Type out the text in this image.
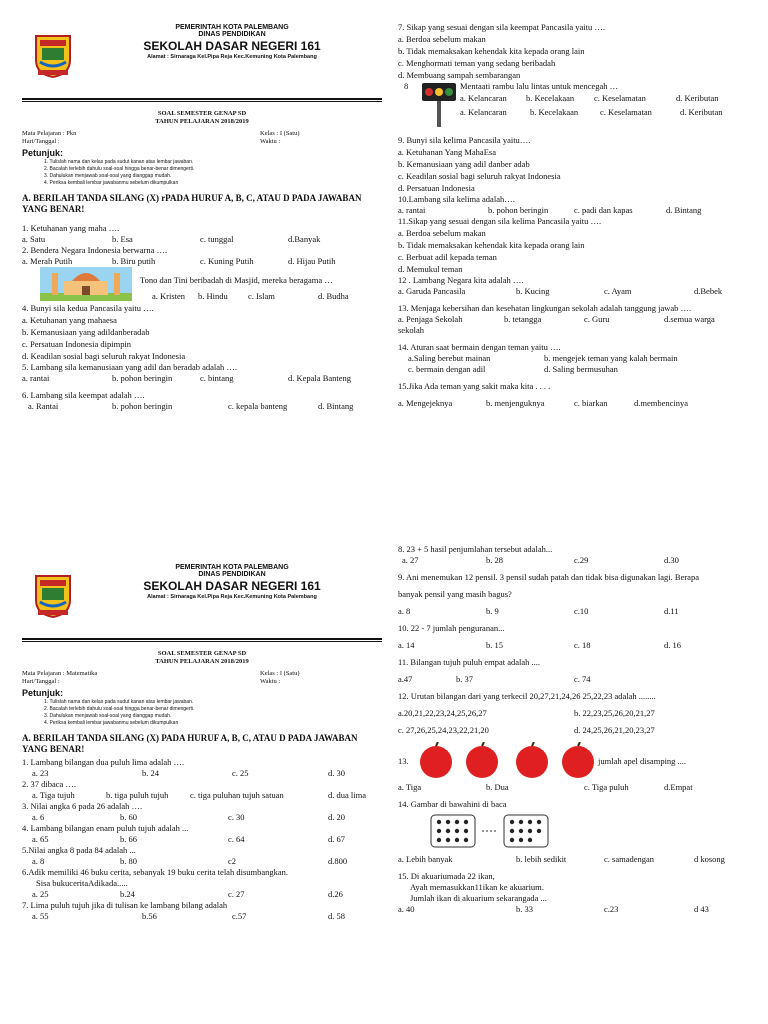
PEMERINTAH KOTA PALEMBANG
DINAS PENDIDIKAN
SEKOLAH DASAR NEGERI 161
Alamat : Sirnaraga Kel.Pipa Reja Kec.Kemuning Kota Palembang
SOAL SEMESTER GENAP SD
TAHUN PELAJARAN 2018/2019
Mata Pelajaran : Pkn
Hari/Tanggal :
Kelas : I (Satu)
Waktu :
Petunjuk:
1. Tulislah nama dan kelas pada sudut kanan atas lembar jawaban.
2. Bacalah terlebih dahulu soal-soal hingga benar-benar dimengerti.
3. Dahulukan menjawab soal-soal yang dianggap mudah.
4. Periksa kembali lembar jawabanmu sebelum dikumpulkan
A. BERILAH TANDA SILANG (X) rPADA HURUF A, B, C, ATAU D PADA JAWABAN YANG BENAR!
1. Ketuhanan yang maha ….
a. Satu	b. Esa	c. tunggal	d.Banyak
2. Bendera Negara Indonesia berwarna ….
a. Merah Putih	b. Biru putih	c. Kuning Putih	d. Hijau Putih
Tono dan Tini beribadah di Masjid, mereka beragama …
a. Kristen b. Hindu c. Islam	d. Budha
4. Bunyi sila kedua Pancasila yaitu ….
a. Ketuhanan yang mahaesa
b. Kemanusiaan yang adildanberadab
c. Persatuan Indonesia dipimpin
d. Keadilan sosial bagi seluruh rakyat Indonesia
5. Lambang sila kemanusiaan yang adil dan beradab adalah ….
a. rantai	b. pohon beringin	c. bintang	d. Kepala Banteng
6. Lambang sila keempat adalah ….
a. Rantai	b. pohon beringin	c. kepala banteng	d. Bintang
7. Sikap yang sesuai dengan sila keempat Pancasila yaitu ….
a. Berdoa sebelum makan
b. Tidak memaksakan kehendak kita kepada orang lain
c. Menghormati teman yang sedang beribadah
d. Membuang sampah sembarangan
8	Mentaati rambu lalu lintas untuk mencegah …
a. Kelancaran b. Kecelakaan c. Keselamatan	d. Keributan
a. Kelancaran	b. Kecelakaan	c. Keselamatan	d. Keributan
9. Bunyi sila kelima Pancasila yaitu….
a. Ketuhanan Yang MahaEsa
b. Kemanusiaan yang adil danber adab
c. Keadilan sosial bagi seluruh rakyat Indonesia
d. Persatuan Indonesia
10.Lambang sila kelima adalah….
a. rantai	b. pohon beringin	c. padi dan kapas	d. Bintang
11.Sikap yang sesuai dengan sila kelima Pancasila yaitu ….
a. Berdoa sebelum makan
b. Tidak memaksakan kehendak kita kepada orang lain
c. Berbuat adil kepada teman
d. Memukul teman
12 . Lambang Negara kita adalah ….
a. Garuda Pancasila	b. Kucing	c. Ayam	d.Bebek
13. Menjaga kebersihan dan kesehatan lingkungan sekolah adalah tanggung jawab ….
a. Penjaga Sekolah	b. tetangga	c. Guru	d.semua warga
sekolah
14. Aturan saat bermain dengan teman yaitu ….
a.Saling berebut mainan	b. mengejek teman yang kalah bermain
c. bermain dengan adil	d. Saling bermusuhan
15.Jika Ada teman yang sakit maka kita . . . .
a. Mengejeknya	b. menjenguknya	c. biarkan	d.membencinya
PEMERINTAH KOTA PALEMBANG
DINAS PENDIDIKAN
SEKOLAH DASAR NEGERI 161
Alamat : Sirnaraga Kel.Pipa Reja Kec.Kemuning Kota Palembang
SOAL SEMESTER GENAP SD
TAHUN PELAJARAN 2018/2019
Mata Pelajaran : Matematika
Hari/Tanggal :
Kelas : I (Satu)
Waktu :
Petunjuk:
1. Tulislah nama dan kelas pada sudut kanan atas lembar jawaban.
2. Bacalah terlebih dahulu soal-soal hingga benar-benar dimengerti.
3. Dahulukan menjawab soal-soal yang dianggap mudah.
4. Periksa kembali lembar jawabanmu sebelum dikumpulkan
A. BERILAH TANDA SILANG (X) PADA HURUF A, B, C, ATAU D PADA JAWABAN YANG BENAR!
1. Lambang bilangan dua puluh lima adalah ….
a. 23	b. 24	c. 25	d. 30
2. 37 dibaca ….
a. Tiga tujuh	b. tiga puluh tujuh	c. tiga puluhan tujuh satuan	d. dua lima
3. Nilai angka 6 pada 26 adalah ….
a. 6	b. 60	c. 30	d. 20
4. Lambang bilangan enam puluh tujuh adalah ...
a. 65	b. 66	c. 64	d. 67
5.Nilai angka 8 pada 84 adalah ...
a. 8	b. 80	c2	d.800
6.Adik memiliki 46 buku cerita, sebanyak 19 buku cerita telah disumbangkan.
Sisa bukuceritaAdikada.....
a. 25	b.24	c. 27	d.26
7. Lima puluh tujuh jika di tulisan ke lambang bilang adalah
a. 55	b.56	c.57	d. 58
8. 23 + 5 hasil penjumlahan tersebut adalah...
a. 27	b. 28	c.29	d.30
9. Ani menemukan 12 pensil. 3 pensil sudah patah dan tidak bisa digunakan lagi. Berapa
banyak pensil yang masih bagus?
a. 8	b. 9	c.10	d.11
10. 22 - 7 jumlah penguranan...
a. 14	b. 15	c. 18	d. 16
11. Bilangan tujuh puluh empat adalah ....
a.47	b. 37	c. 74
12. Urutan bilangan dari yang terkecil 20,27,21,24,26 25,22,23 adalah ........
a.20,21,22,23,24,25,26,27	b. 22,23,25,26,20,21,27
c. 27,26,25,24,23,22,21,20	d. 24,25,26,21,20,23,27
13.	jumlah apel disamping ....
a. Tiga	b. Dua	c. Tiga puluh	d.Empat
14. Gambar di bawahini di baca
a. Lebih banyak	b. lebih sedikit	c. samadengan	d kosong
15. Di akuariumada 22 ikan,
Ayah memasukkan11ikan ke akuarium.
Jumlah ikan di akuarium sekarangada ...
a. 40	b. 33	c.23	d 43
